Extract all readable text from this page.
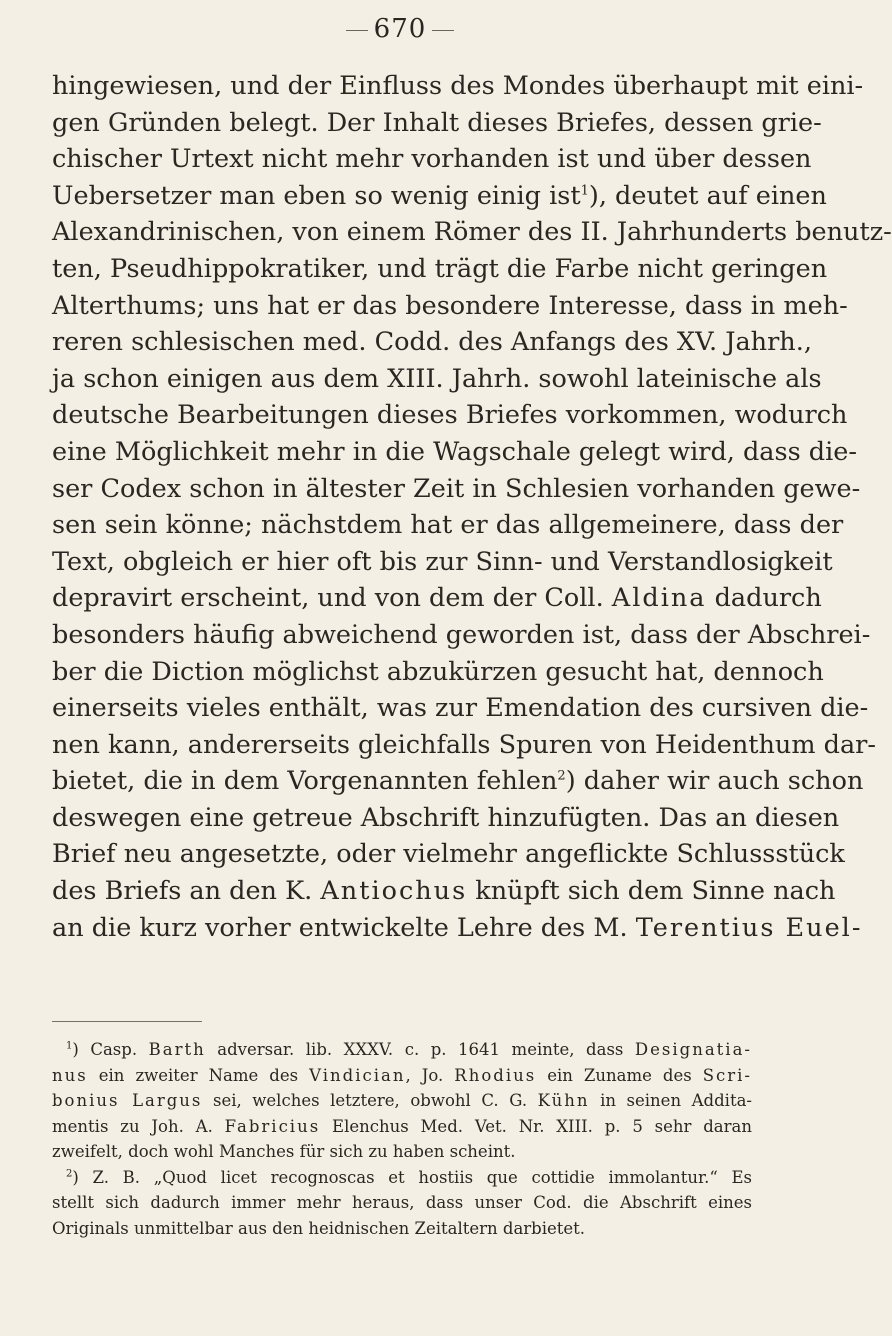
670
hingewiesen, und der Einfluss des Mondes überhaupt mit eini-
gen Gründen belegt. Der Inhalt dieses Briefes, dessen grie-
chischer Urtext nicht mehr vorhanden ist und über dessen
Uebersetzer man eben so wenig einig ist$^1$), deutet auf einen
Alexandrinischen, von einem Römer des II. Jahrhunderts benutz-
ten, Pseudhippokratiker, und trägt die Farbe nicht geringen
Alterthums; uns hat er das besondere Interesse, dass in meh-
reren schlesischen med. Codd. des Anfangs des XV. Jahrh.,
ja schon einigen aus dem XIII. Jahrh. sowohl lateinische als
deutsche Bearbeitungen dieses Briefes vorkommen, wodurch
eine Möglichkeit mehr in die Wagschale gelegt wird, dass die-
ser Codex schon in ältester Zeit in Schlesien vorhanden gewe-
sen sein könne; nächstdem hat er das allgemeinere, dass der
Text, obgleich er hier oft bis zur Sinn- und Verstandlosigkeit
depravirt erscheint, und von dem der Coll. Aldina dadurch
besonders häufig abweichend geworden ist, dass der Abschrei-
ber die Diction möglichst abzukürzen gesucht hat, dennoch
einerseits vieles enthält, was zur Emendation des cursiven die-
nen kann, andererseits gleichfalls Spuren von Heidenthum dar-
bietet, die in dem Vorgenannten fehlen$^2$) daher wir auch schon
deswegen eine getreue Abschrift hinzufügten. Das an diesen
Brief neu angesetzte, oder vielmehr angeflickte Schlussstück
des Briefs an den K. Antiochus knüpft sich dem Sinne nach
an die kurz vorher entwickelte Lehre des M. Terentius Euel-
$^1$) Casp. Barth adversar. lib. XXXV. c. p. 1641 meinte, dass Designatia-
nus ein zweiter Name des Vindician, Jo. Rhodius ein Zuname des Scri-
bonius Largus sei, welches letztere, obwohl C. G. Kühn in seinen Addita-
mentis zu Joh. A. Fabricius Elenchus Med. Vet. Nr. XIII. p. 5 sehr daran
zweifelt, doch wohl Manches für sich zu haben scheint.
$^2$) Z. B. „Quod licet recognoscas et hostiis que cottidie immolantur.“ Es
stellt sich dadurch immer mehr heraus, dass unser Cod. die Abschrift eines
Originals unmittelbar aus den heidnischen Zeitaltern darbietet.
